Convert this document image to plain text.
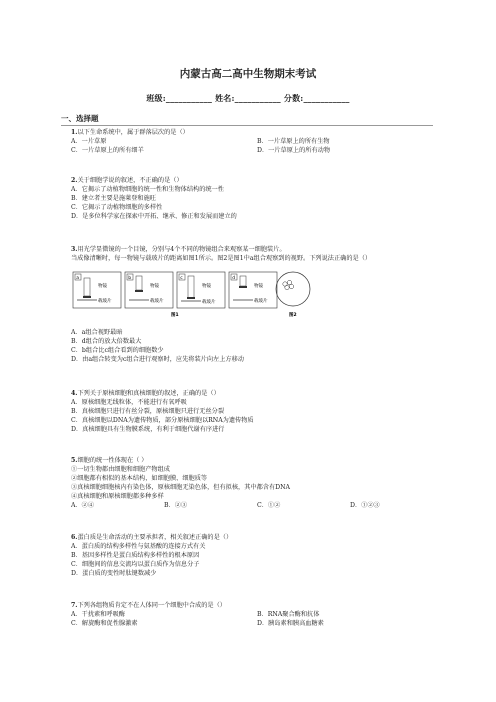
内蒙古高二高中生物期末考试
班级:___________ 姓名:___________ 分数:___________
一、选择题
1.以下生命系统中，属于群落层次的是（）
A．一片草原	B．一片草原上的所有生物
C．一片草原上的所有细羊	D．一片草原上的所有动物
2.关于细胞学说的叙述，不正确的是（）
A．它揭示了动植物细胞的统一性和生物体结构的统一性
B．建立者主要是施莱登和施旺
C．它揭示了动植物细胞的多样性
D．是多位科学家在探索中开拓、继承、修正和发展而建立的
3.用光学显微镜的一个目镜，分别与4个不同的物镜组合来观察某一细胞装片。
当成像清晰时，每一物镜与载玻片的距离如图1所示。图2是图1中a组合观察到的视野。下列说法正确的是（）
a
物镜
载玻片
b
物镜
载玻片
c
物镜
载玻片
d
物镜
载玻片
图1	图2
A．a组合视野最暗
B．d组合的放大倍数最大
C．b组合比c组合看到的细胞数少
D．由a组合转变为c组合进行观察时，应先将装片向左上方移动
4.下列关于原核细胞和真核细胞的叙述，正确的是（）
A．原核细胞无线粒体，不能进行有氧呼吸
B．真核细胞只进行有丝分裂，原核细胞只进行无丝分裂
C．真核细胞以DNA为遗传物质，部分原核细胞以RNA为遗传物质
D．真核细胞具有生物膜系统，有利于细胞代谢有序进行
5.细胞的统一性体现在（ ）
①一切生物都由细胞和细胞产物组成
②细胞都有相似的基本结构，如细胞膜、细胞质等
③真核细胞细胞核内有染色体，原核细胞无染色体，但有拟核，其中都含有DNA
④真核细胞和原核细胞都多种多样
A．②④	B．②③	C．①②	D．①②③
6.蛋白质是生命活动的主要承担者，相关叙述正确的是（）
A．蛋白质的结构多样性与氨基酸的连接方式有关
B．基因多样性是蛋白质结构多样性的根本原因
C．细胞间的信息交流均以蛋白质作为信息分子
D．蛋白质的变性时肽键数减少
7.下列各组物质肯定不在人体同一个细胞中合成的是（）
A．干扰素和呼吸酶	B．RNA聚合酶和抗体
C．解旋酶和促性腺激素	D．胰岛素和胰高血糖素
